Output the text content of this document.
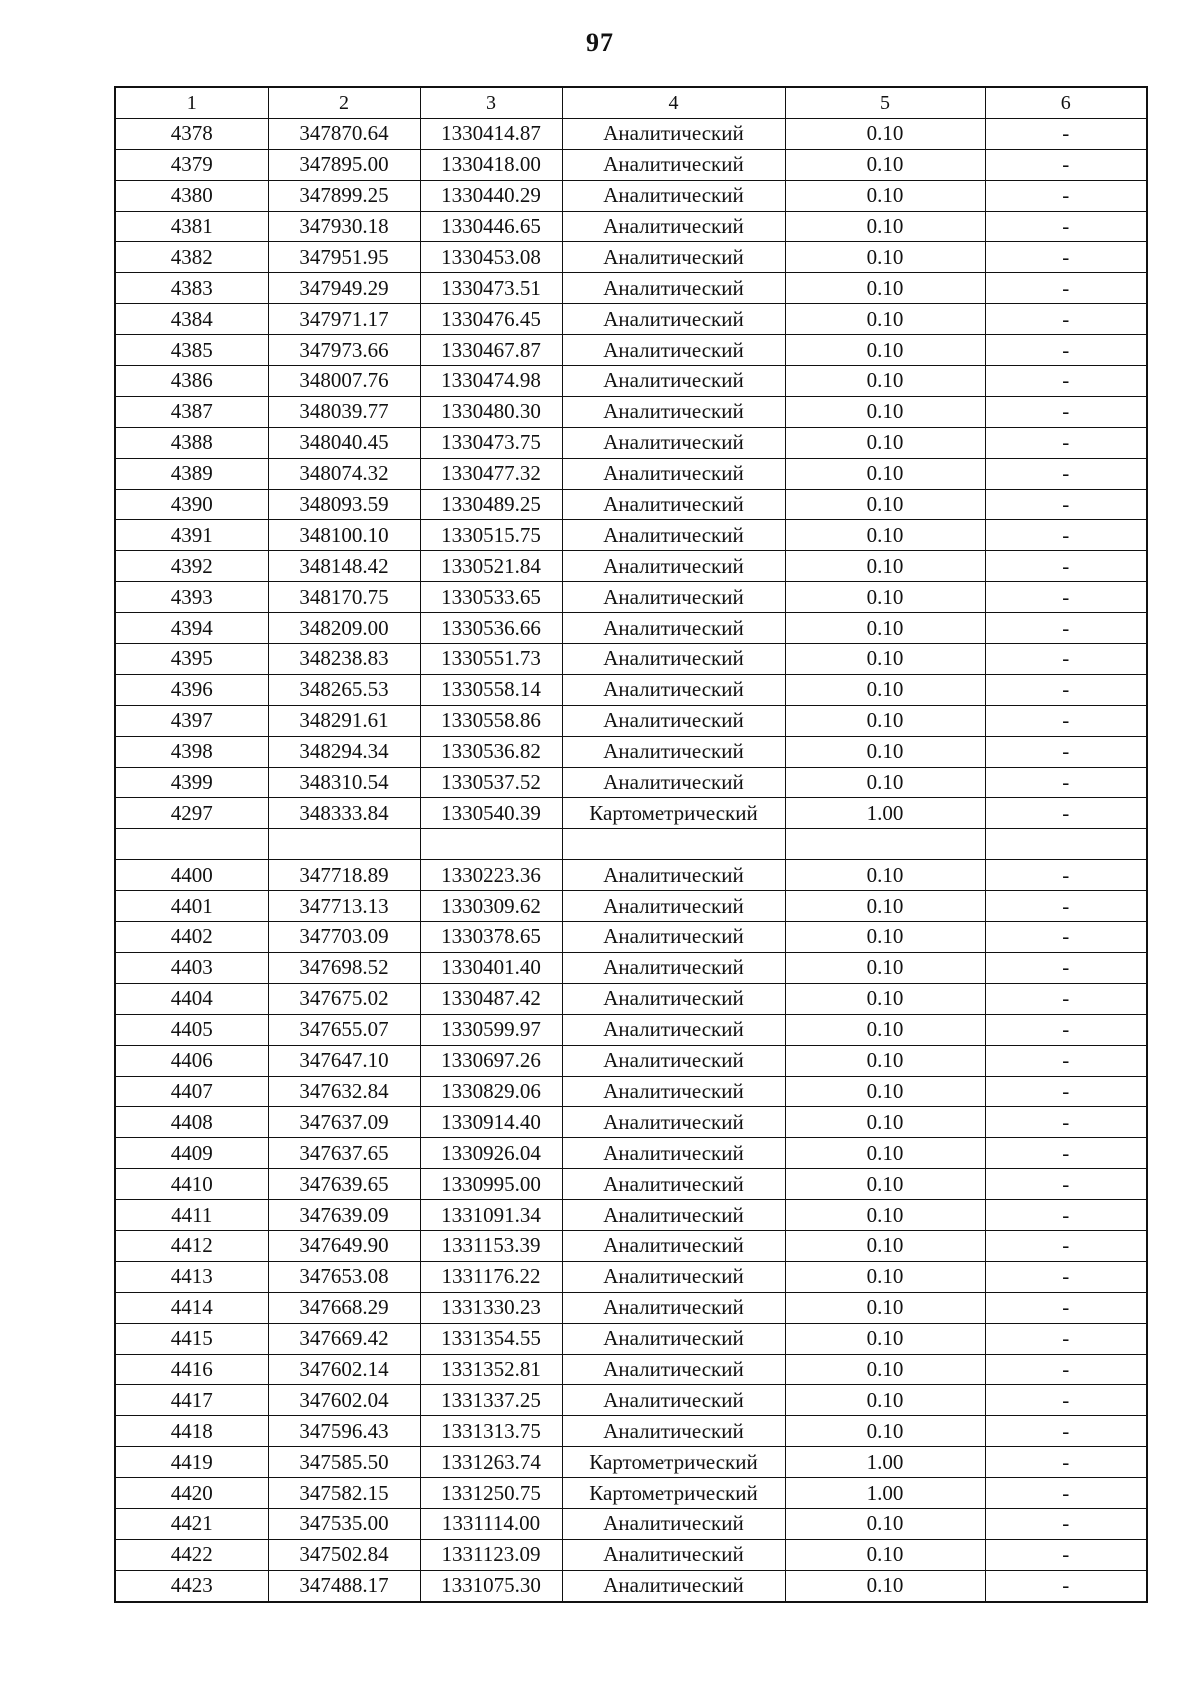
97
1	2	3	4	5	6
4378	347870.64	1330414.87	Аналитический	0.10	-
4379	347895.00	1330418.00	Аналитический	0.10	-
4380	347899.25	1330440.29	Аналитический	0.10	-
4381	347930.18	1330446.65	Аналитический	0.10	-
4382	347951.95	1330453.08	Аналитический	0.10	-
4383	347949.29	1330473.51	Аналитический	0.10	-
4384	347971.17	1330476.45	Аналитический	0.10	-
4385	347973.66	1330467.87	Аналитический	0.10	-
4386	348007.76	1330474.98	Аналитический	0.10	-
4387	348039.77	1330480.30	Аналитический	0.10	-
4388	348040.45	1330473.75	Аналитический	0.10	-
4389	348074.32	1330477.32	Аналитический	0.10	-
4390	348093.59	1330489.25	Аналитический	0.10	-
4391	348100.10	1330515.75	Аналитический	0.10	-
4392	348148.42	1330521.84	Аналитический	0.10	-
4393	348170.75	1330533.65	Аналитический	0.10	-
4394	348209.00	1330536.66	Аналитический	0.10	-
4395	348238.83	1330551.73	Аналитический	0.10	-
4396	348265.53	1330558.14	Аналитический	0.10	-
4397	348291.61	1330558.86	Аналитический	0.10	-
4398	348294.34	1330536.82	Аналитический	0.10	-
4399	348310.54	1330537.52	Аналитический	0.10	-
4297	348333.84	1330540.39	Картометрический	1.00	-

4400	347718.89	1330223.36	Аналитический	0.10	-
4401	347713.13	1330309.62	Аналитический	0.10	-
4402	347703.09	1330378.65	Аналитический	0.10	-
4403	347698.52	1330401.40	Аналитический	0.10	-
4404	347675.02	1330487.42	Аналитический	0.10	-
4405	347655.07	1330599.97	Аналитический	0.10	-
4406	347647.10	1330697.26	Аналитический	0.10	-
4407	347632.84	1330829.06	Аналитический	0.10	-
4408	347637.09	1330914.40	Аналитический	0.10	-
4409	347637.65	1330926.04	Аналитический	0.10	-
4410	347639.65	1330995.00	Аналитический	0.10	-
4411	347639.09	1331091.34	Аналитический	0.10	-
4412	347649.90	1331153.39	Аналитический	0.10	-
4413	347653.08	1331176.22	Аналитический	0.10	-
4414	347668.29	1331330.23	Аналитический	0.10	-
4415	347669.42	1331354.55	Аналитический	0.10	-
4416	347602.14	1331352.81	Аналитический	0.10	-
4417	347602.04	1331337.25	Аналитический	0.10	-
4418	347596.43	1331313.75	Аналитический	0.10	-
4419	347585.50	1331263.74	Картометрический	1.00	-
4420	347582.15	1331250.75	Картометрический	1.00	-
4421	347535.00	1331114.00	Аналитический	0.10	-
4422	347502.84	1331123.09	Аналитический	0.10	-
4423	347488.17	1331075.30	Аналитический	0.10	-
